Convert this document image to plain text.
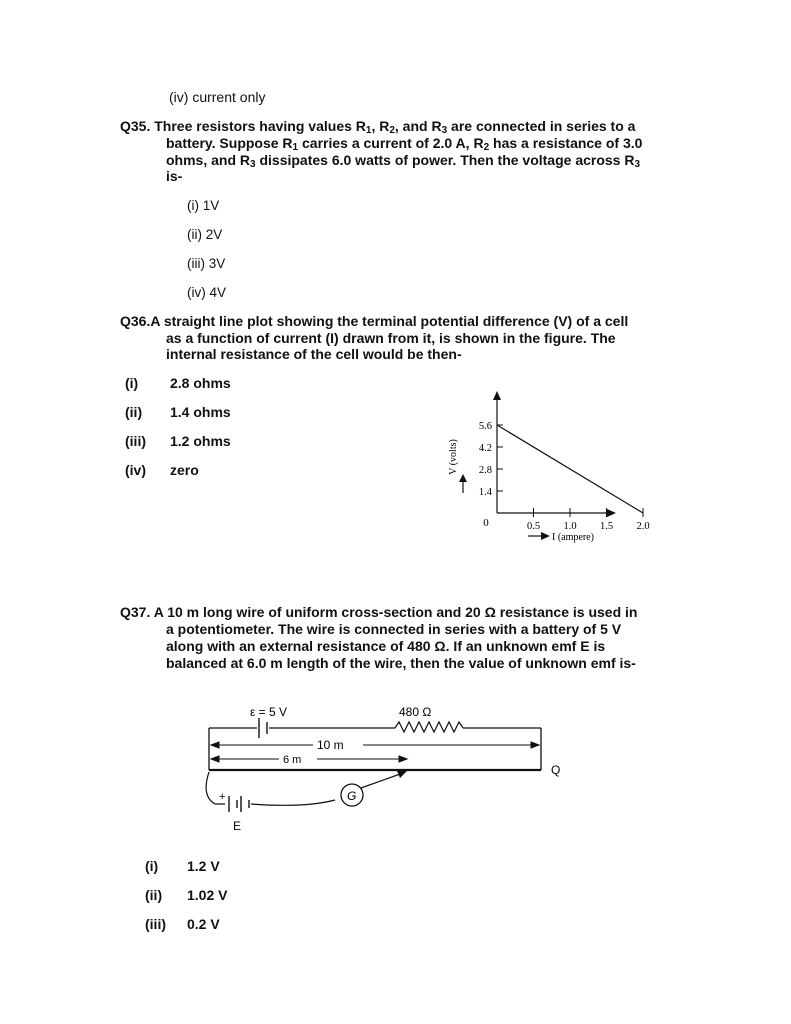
(iv) current only
Q35. Three resistors having values $R_1$, $R_2$, and $R_3$ are connected in series to a
battery. Suppose $R_1$ carries a current of 2.0 A, $R_2$ has a resistance of 3.0
ohms, and $R_3$ dissipates 6.0 watts of power. Then the voltage across $R_3$
is-
(i) 1V
(ii) 2V
(iii) 3V
(iv) 4V
Q36.A straight line plot showing the terminal potential difference (V) of a cell
as a function of current (I) drawn from it, is shown in the figure. The
internal resistance of the cell would be then-
(i) 2.8 ohms
(ii) 1.4 ohms
(iii) 1.2 ohms
(iv) zero
5.6
4.2
2.8
1.4
0.5 1.0 1.5 2.0
0
V (volts)
I (ampere)
Q37. A 10 m long wire of uniform cross-section and 20 Ω resistance is used in
a potentiometer. The wire is connected in series with a battery of 5 V
along with an external resistance of 480 Ω. If an unknown emf E is
balanced at 6.0 m length of the wire, then the value of unknown emf is-
ε = 5 V	480 Ω
10 m
6 m
Q
+
E
G
(i) 1.2 V
(ii) 1.02 V
(iii) 0.2 V
